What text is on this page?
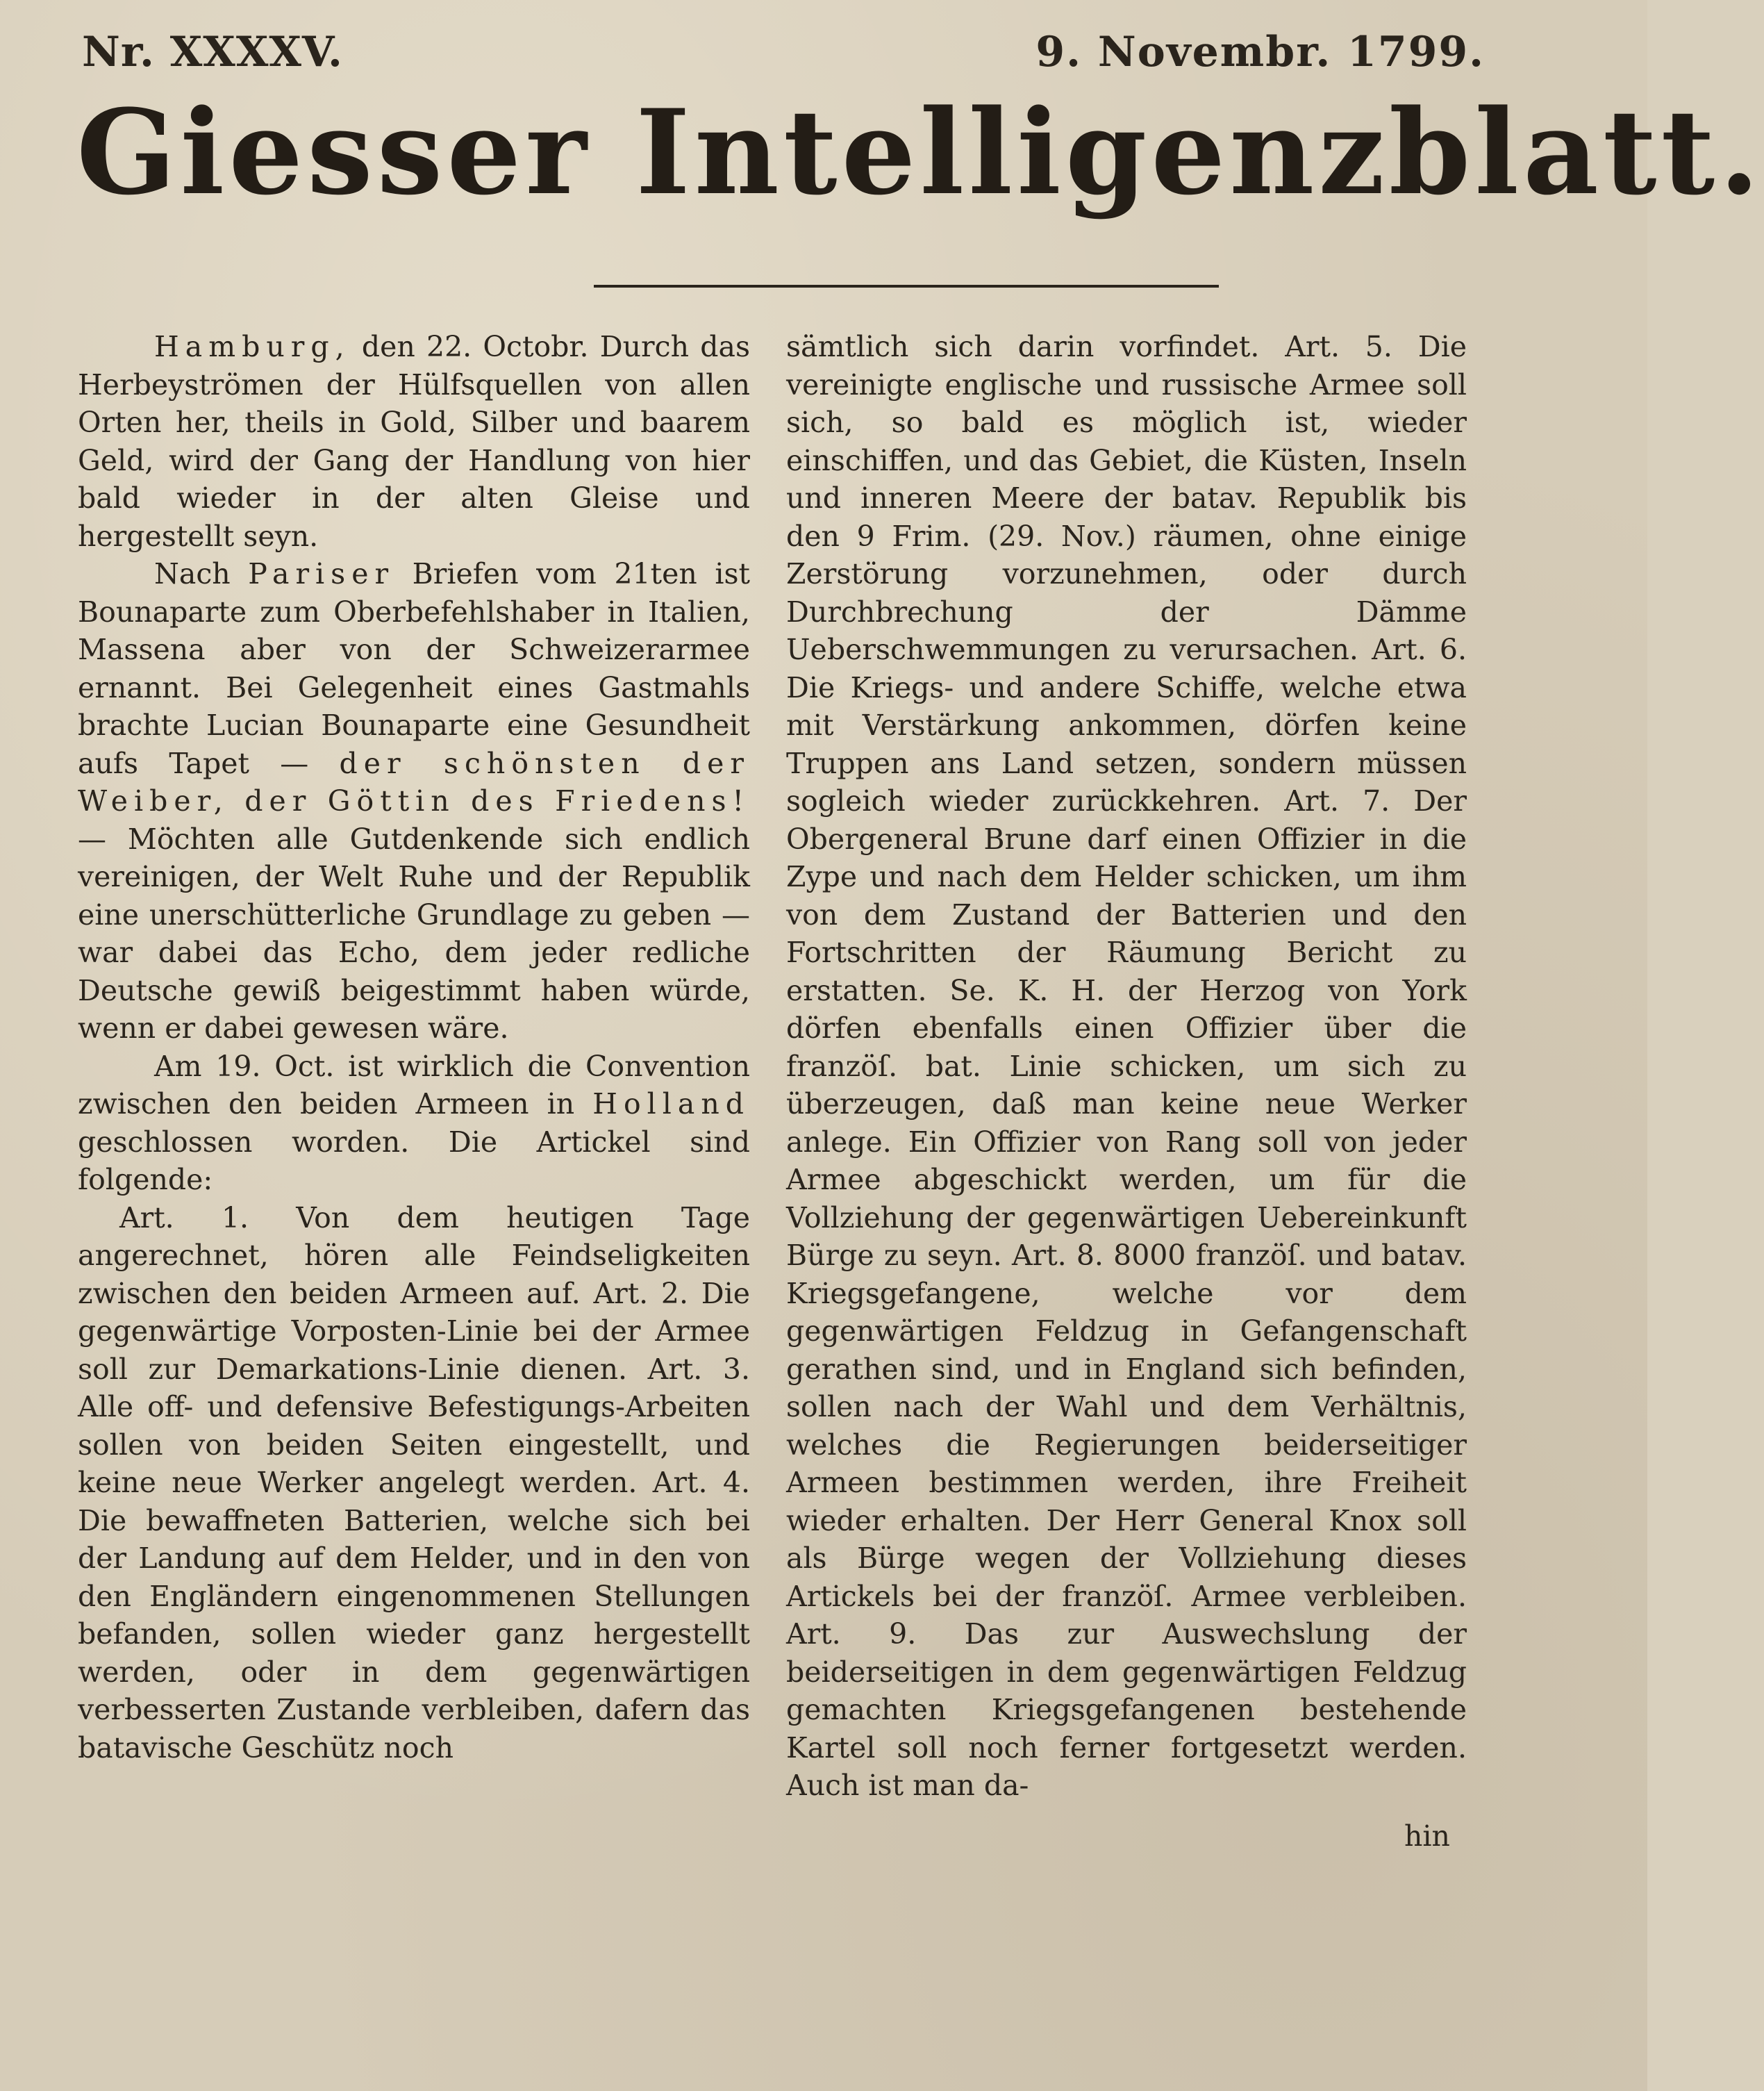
Nr. XXXXV.	9. Novembr. 1799.
Giesser Intelligenzblatt.

Hamburg, den 22. Octobr. Durch das Herbeyströmen der Hülfsquellen von allen Orten her, theils in Gold, Silber und baarem Geld, wird der Gang der Handlung von hier bald wieder in der alten Gleise und hergestellt seyn.

Nach Pariser Briefen vom 21ten ist Bounaparte zum Oberbefehlshaber in Italien, Massena aber von der Schweizerarmee ernannt. Bei Gelegenheit eines Gastmahls brachte Lucian Bounaparte eine Gesundheit aufs Tapet — der schönsten der Weiber, der Göttin des Friedens! — Möchten alle Gutdenkende sich endlich vereinigen, der Welt Ruhe und der Republik eine unerschütterliche Grundlage zu geben — war dabei das Echo, dem jeder redliche Deutsche gewiß beigestimmt haben würde, wenn er dabei gewesen wäre.

Am 19. Oct. ist wirklich die Convention zwischen den beiden Armeen in Holland geschlossen worden. Die Artickel sind folgende:

Art. 1. Von dem heutigen Tage angerechnet, hören alle Feindseligkeiten zwischen den beiden Armeen auf. Art. 2. Die gegenwärtige Vorposten-Linie bei der Armee soll zur Demarkations-Linie dienen. Art. 3. Alle off- und defensive Befestigungs-Arbeiten sollen von beiden Seiten eingestellt, und keine neue Werker angelegt werden. Art. 4. Die bewaffneten Batterien, welche sich bei der Landung auf dem Helder, und in den von den Engländern eingenommenen Stellungen befanden, sollen wieder ganz hergestellt werden, oder in dem gegenwärtigen verbesserten Zustande verbleiben, dafern das batavische Geschütz noch

sämtlich sich darin vorfindet. Art. 5. Die vereinigte englische und russische Armee soll sich, so bald es möglich ist, wieder einschiffen, und das Gebiet, die Küsten, Inseln und inneren Meere der batav. Republik bis den 9 Frim. (29. Nov.) räumen, ohne einige Zerstörung vorzunehmen, oder durch Durchbrechung der Dämme Ueberschwemmungen zu verursachen. Art. 6. Die Kriegs- und andere Schiffe, welche etwa mit Verstärkung ankommen, dörfen keine Truppen ans Land setzen, sondern müssen sogleich wieder zurückkehren. Art. 7. Der Obergeneral Brune darf einen Offizier in die Zype und nach dem Helder schicken, um ihm von dem Zustand der Batterien und den Fortschritten der Räumung Bericht zu erstatten. Se. K. H. der Herzog von York dörfen ebenfalls einen Offizier über die franzöſ. bat. Linie schicken, um sich zu überzeugen, daß man keine neue Werker anlege. Ein Offizier von Rang soll von jeder Armee abgeschickt werden, um für die Vollziehung der gegenwärtigen Uebereinkunft Bürge zu seyn. Art. 8. 8000 franzöſ. und batav. Kriegsgefangene, welche vor dem gegenwärtigen Feldzug in Gefangenschaft gerathen sind, und in England sich befinden, sollen nach der Wahl und dem Verhältnis, welches die Regierungen beiderseitiger Armeen bestimmen werden, ihre Freiheit wieder erhalten. Der Herr General Knox soll als Bürge wegen der Vollziehung dieses Artickels bei der franzöſ. Armee verbleiben. Art. 9. Das zur Auswechslung der beiderseitigen in dem gegenwärtigen Feldzug gemachten Kriegsgefangenen bestehende Kartel soll noch ferner fortgesetzt werden. Auch ist man da-

hin
